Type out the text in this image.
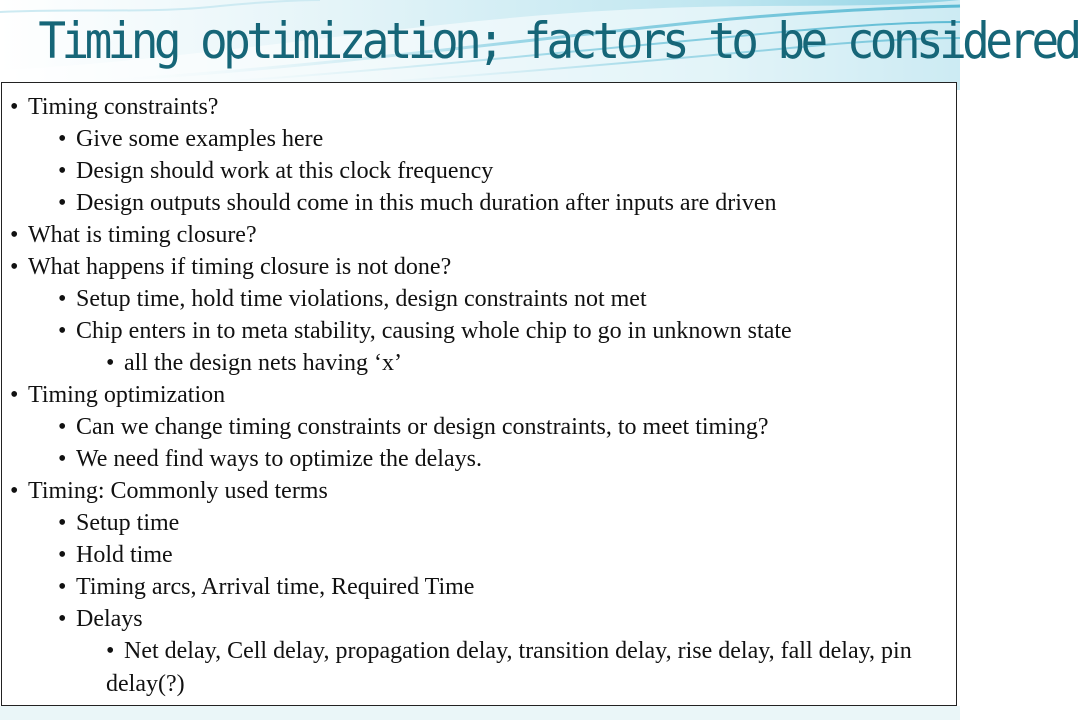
Timing optimization; factors to be considered
• Timing constraints?
• Give some examples here
• Design should work at this clock frequency
• Design outputs should come in this much duration after inputs are driven
• What is timing closure?
• What happens if timing closure is not done?
• Setup time, hold time violations, design constraints not met
• Chip enters in to meta stability, causing whole chip to go in unknown state
• all the design nets having ‘x’
• Timing optimization
• Can we change timing constraints or design constraints, to meet timing?
• We need find ways to optimize the delays.
• Timing: Commonly used terms
• Setup time
• Hold time
• Timing arcs, Arrival time, Required Time
• Delays
• Net delay, Cell delay, propagation delay, transition delay, rise delay, fall delay, pin delay(?)
